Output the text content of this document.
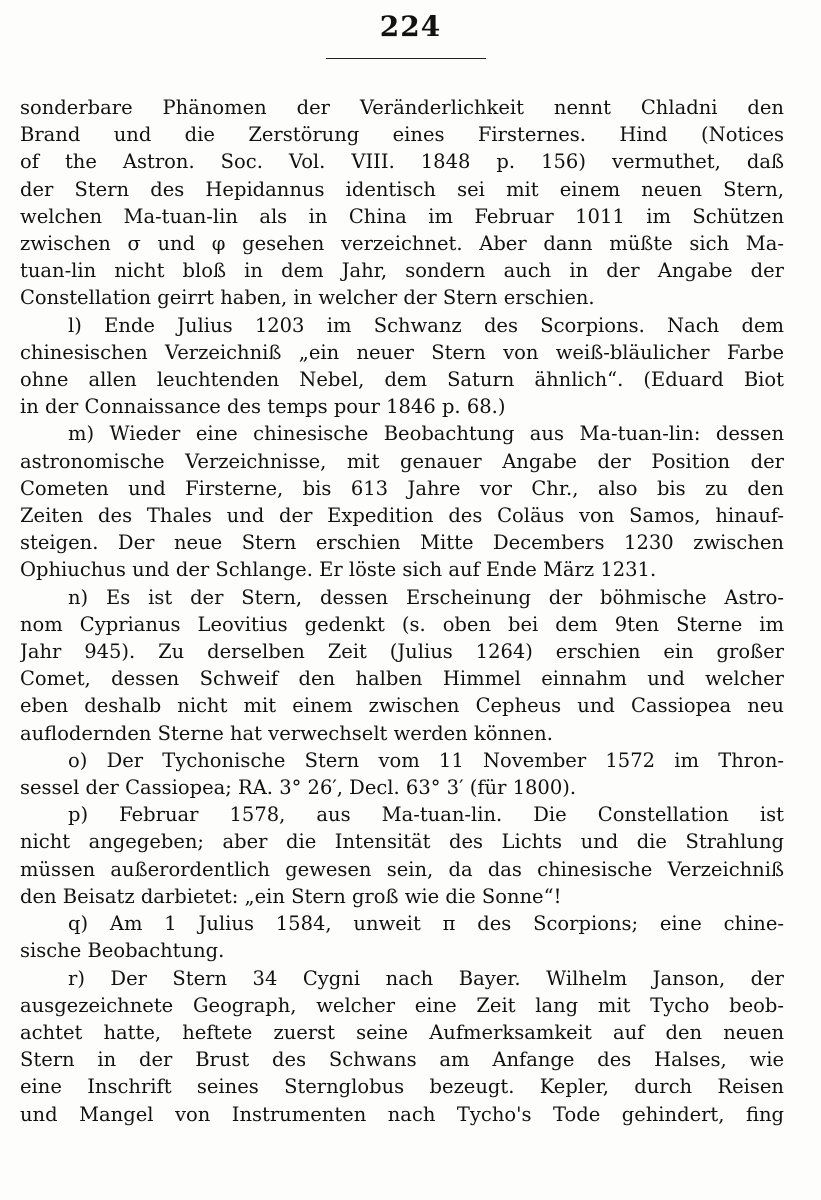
224
sonderbare Phänomen der Veränderlichkeit nennt Chladni den
Brand und die Zerstörung eines Firsternes. Hind (Notices
of the Astron. Soc. Vol. VIII. 1848 p. 156) vermuthet, daß
der Stern des Hepidannus identisch sei mit einem neuen Stern,
welchen Ma-tuan-lin als in China im Februar 1011 im Schützen
zwischen σ und φ gesehen verzeichnet. Aber dann müßte sich Ma-
tuan-lin nicht bloß in dem Jahr, sondern auch in der Angabe der
Constellation geirrt haben, in welcher der Stern erschien.
l) Ende Julius 1203 im Schwanz des Scorpions. Nach dem
chinesischen Verzeichniß „ein neuer Stern von weiß-bläulicher Farbe
ohne allen leuchtenden Nebel, dem Saturn ähnlich“. (Eduard Biot
in der Connaissance des temps pour 1846 p. 68.)
m) Wieder eine chinesische Beobachtung aus Ma-tuan-lin: dessen
astronomische Verzeichnisse, mit genauer Angabe der Position der
Cometen und Firsterne, bis 613 Jahre vor Chr., also bis zu den
Zeiten des Thales und der Expedition des Coläus von Samos, hinauf-
steigen. Der neue Stern erschien Mitte Decembers 1230 zwischen
Ophiuchus und der Schlange. Er löste sich auf Ende März 1231.
n) Es ist der Stern, dessen Erscheinung der böhmische Astro-
nom Cyprianus Leovitius gedenkt (s. oben bei dem 9ten Sterne im
Jahr 945). Zu derselben Zeit (Julius 1264) erschien ein großer
Comet, dessen Schweif den halben Himmel einnahm und welcher
eben deshalb nicht mit einem zwischen Cepheus und Cassiopea neu
auflodernden Sterne hat verwechselt werden können.
o) Der Tychonische Stern vom 11 November 1572 im Thron-
sessel der Cassiopea; RA. 3° 26′, Decl. 63° 3′ (für 1800).
p) Februar 1578, aus Ma-tuan-lin. Die Constellation ist
nicht angegeben; aber die Intensität des Lichts und die Strahlung
müssen außerordentlich gewesen sein, da das chinesische Verzeichniß
den Beisatz darbietet: „ein Stern groß wie die Sonne“!
q) Am 1 Julius 1584, unweit π des Scorpions; eine chine-
sische Beobachtung.
r) Der Stern 34 Cygni nach Bayer. Wilhelm Janson, der
ausgezeichnete Geograph, welcher eine Zeit lang mit Tycho beob-
achtet hatte, heftete zuerst seine Aufmerksamkeit auf den neuen
Stern in der Brust des Schwans am Anfange des Halses, wie
eine Inschrift seines Sternglobus bezeugt. Kepler, durch Reisen
und Mangel von Instrumenten nach Tycho's Tode gehindert, fing
